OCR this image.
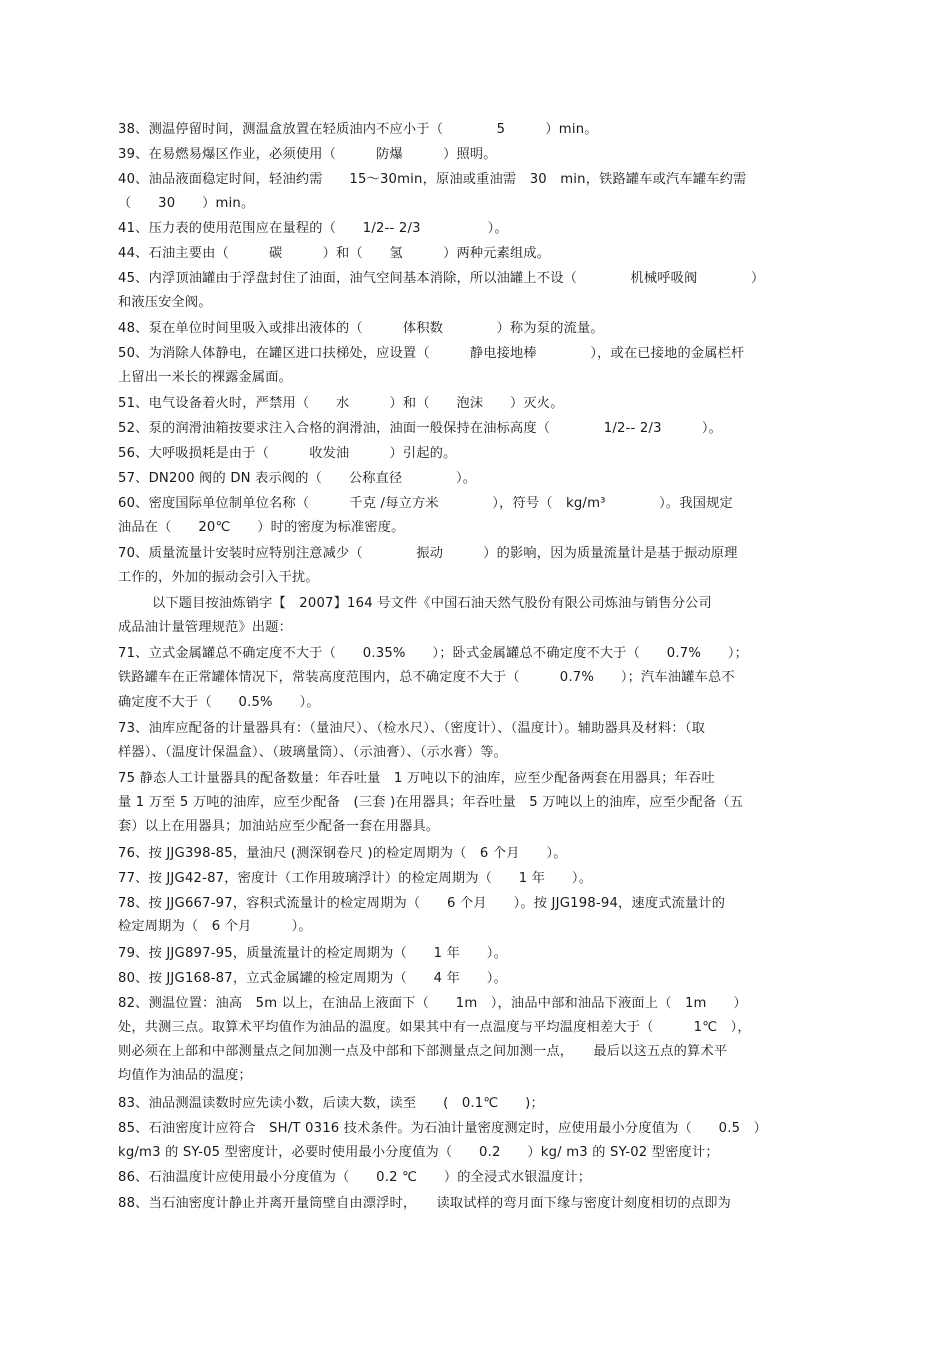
38、测温停留时间，测温盒放置在轻质油内不应小于（　　　　5　　　）min。
39、在易燃易爆区作业，必须使用（　　　防爆　　　）照明。
40、油品液面稳定时间，轻油约需　　15～30min，原油或重油需　30　min，铁路罐车或汽车罐车约需
（　　30　　）min。
41、压力表的使用范围应在量程的（　　1/2-- 2/3　　　　　）。
44、石油主要由（　　　碳　　　）和（　　氢　　　）两种元素组成。
45、内浮顶油罐由于浮盘封住了油面，油气空间基本消除，所以油罐上不设（　　　　机械呼吸阀　　　　）
和液压安全阀。
48、泵在单位时间里吸入或排出液体的（　　　体积数　　　　）称为泵的流量。
50、为消除人体静电，在罐区进口扶梯处，应设置（　　　静电接地棒　　　　），或在已接地的金属栏杆
上留出一米长的裸露金属面。
51、电气设备着火时，严禁用（　　水　　　）和（　　泡沫　　）灭火。
52、泵的润滑油箱按要求注入合格的润滑油，油面一般保持在油标高度（　　　　1/2-- 2/3　　　）。
56、大呼吸损耗是由于（　　　收发油　　　）引起的。
57、DN200 阀的 DN 表示阀的（　　公称直径　　　　）。
60、密度国际单位制单位名称（　　　千克 /每立方米　　　　），符号（　kg/m³　　　　）。我国规定
油品在（　　20℃　　）时的密度为标准密度。
70、质量流量计安装时应特别注意减少（　　　　振动　　　）的影响，因为质量流量计是基于振动原理
工作的，外加的振动会引入干扰。
以下题目按油炼销字【　2007】164 号文件《中国石油天然气股份有限公司炼油与销售分公司
成品油计量管理规范》出题：
71、立式金属罐总不确定度不大于（　　0.35%　　）；卧式金属罐总不确定度不大于（　　0.7%　　）；
铁路罐车在正常罐体情况下，常装高度范围内，总不确定度不大于（　　　0.7%　　）；汽车油罐车总不
确定度不大于（　　0.5%　　）。
73、油库应配备的计量器具有：（量油尺）、（检水尺）、（密度计）、（温度计）。辅助器具及材料：（取
样器）、（温度计保温盒）、（玻璃量筒）、（示油膏）、（示水膏）等。
75 静态人工计量器具的配备数量：年吞吐量　1 万吨以下的油库，应至少配备两套在用器具；年吞吐
量 1 万至 5 万吨的油库，应至少配备　(三套 )在用器具；年吞吐量　5 万吨以上的油库，应至少配备（五
套）以上在用器具；加油站应至少配备一套在用器具。
76、按 JJG398-85，量油尺 (测深钢卷尺 )的检定周期为（　6 个月　　）。
77、按 JJG42-87，密度计（工作用玻璃浮计）的检定周期为（　　1 年　　）。
78、按 JJG667-97，容积式流量计的检定周期为（　　6 个月　　）。按 JJG198-94，速度式流量计的
检定周期为（　6 个月　　　）。
79、按 JJG897-95，质量流量计的检定周期为（　　1 年　　）。
80、按 JJG168-87，立式金属罐的检定周期为（　　4 年　　）。
82、测温位置：油高　5m 以上，在油品上液面下（　　1m　），油品中部和油品下液面上（　1m　　）
处，共测三点。取算术平均值作为油品的温度。如果其中有一点温度与平均温度相差大于（　　　1℃　），
则必须在上部和中部测量点之间加测一点及中部和下部测量点之间加测一点，　　最后以这五点的算术平
均值作为油品的温度；
83、油品测温读数时应先读小数，后读大数，读至　　(　0.1℃　　)；
85、石油密度计应符合　SH/T 0316 技术条件。为石油计量密度测定时，应使用最小分度值为（　　0.5　）
kg/m3 的 SY-05 型密度计，必要时使用最小分度值为（　　0.2　　）kg/ m3 的 SY-02 型密度计；
86、石油温度计应使用最小分度值为（　　0.2 ℃　　）的全浸式水银温度计；
88、当石油密度计静止并离开量筒壁自由漂浮时，　　读取试样的弯月面下缘与密度计刻度相切的点即为
